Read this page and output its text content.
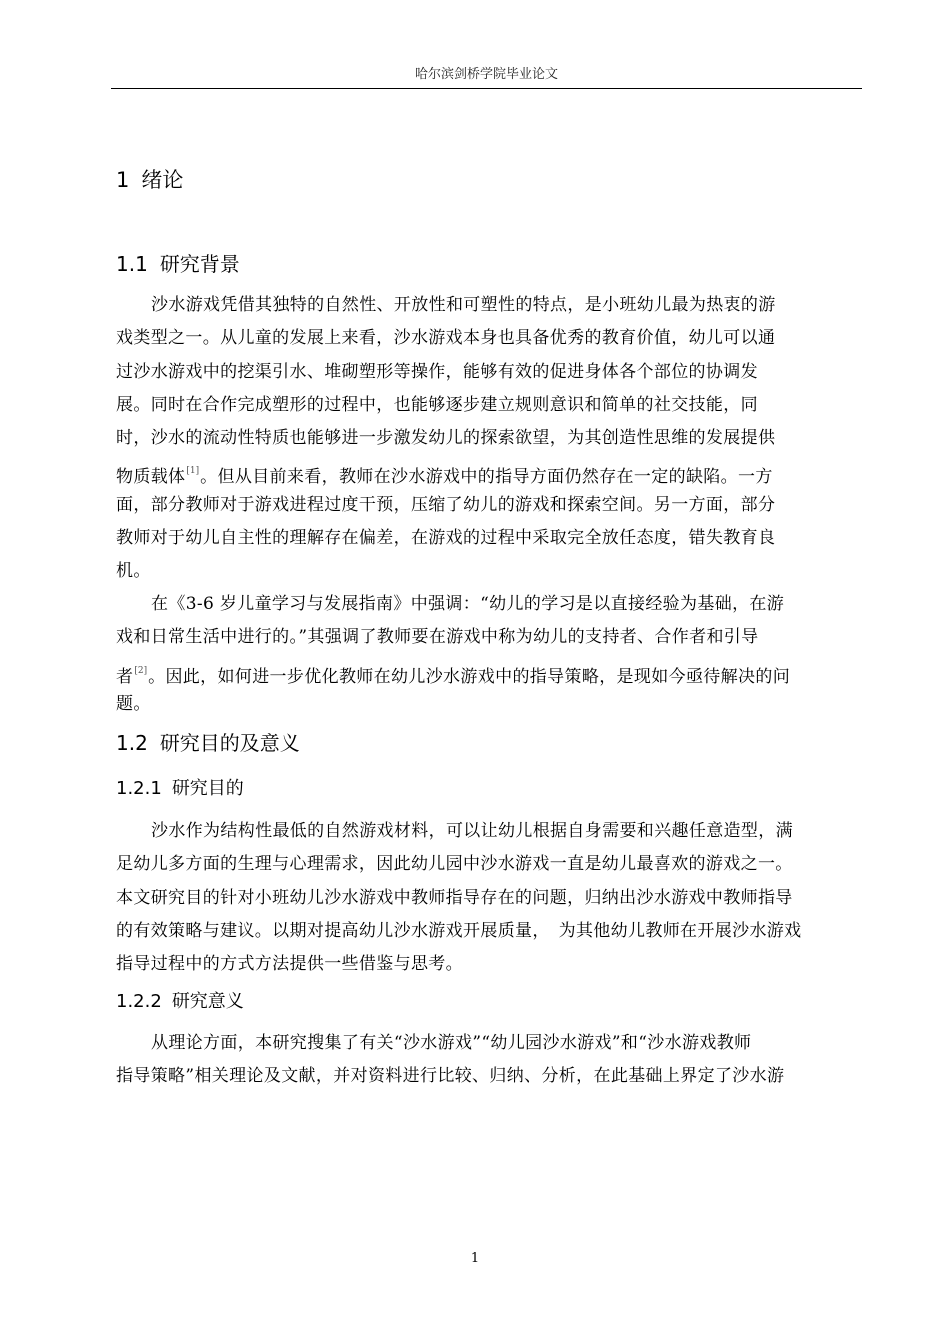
哈尔滨剑桥学院毕业论文
1 绪论
1.1 研究背景
沙水游戏凭借其独特的自然性、开放性和可塑性的特点，是小班幼儿最为热衷的游
戏类型之一。从儿童的发展上来看，沙水游戏本身也具备优秀的教育价值，幼儿可以通
过沙水游戏中的挖渠引水、堆砌塑形等操作，能够有效的促进身体各个部位的协调发
展。同时在合作完成塑形的过程中，也能够逐步建立规则意识和简单的社交技能，同
时，沙水的流动性特质也能够进一步激发幼儿的探索欲望，为其创造性思维的发展提供
物质载体[1]。但从目前来看，教师在沙水游戏中的指导方面仍然存在一定的缺陷。一方
面，部分教师对于游戏进程过度干预，压缩了幼儿的游戏和探索空间。另一方面，部分
教师对于幼儿自主性的理解存在偏差，在游戏的过程中采取完全放任态度，错失教育良
机。
在《3-6 岁儿童学习与发展指南》中强调：“幼儿的学习是以直接经验为基础，在游
戏和日常生活中进行的。”其强调了教师要在游戏中称为幼儿的支持者、合作者和引导
者[2]。因此，如何进一步优化教师在幼儿沙水游戏中的指导策略，是现如今亟待解决的问
题。
1.2 研究目的及意义
1.2.1 研究目的
沙水作为结构性最低的自然游戏材料，可以让幼儿根据自身需要和兴趣任意造型，满
足幼儿多方面的生理与心理需求，因此幼儿园中沙水游戏一直是幼儿最喜欢的游戏之一。
本文研究目的针对小班幼儿沙水游戏中教师指导存在的问题，归纳出沙水游戏中教师指导
的有效策略与建议。以期对提高幼儿沙水游戏开展质量，　为其他幼儿教师在开展沙水游戏
指导过程中的方式方法提供一些借鉴与思考。
1.2.2 研究意义
从理论方面，本研究搜集了有关“沙水游戏”“幼儿园沙水游戏”和“沙水游戏教师
指导策略”相关理论及文献，并对资料进行比较、归纳、分析，在此基础上界定了沙水游
1
